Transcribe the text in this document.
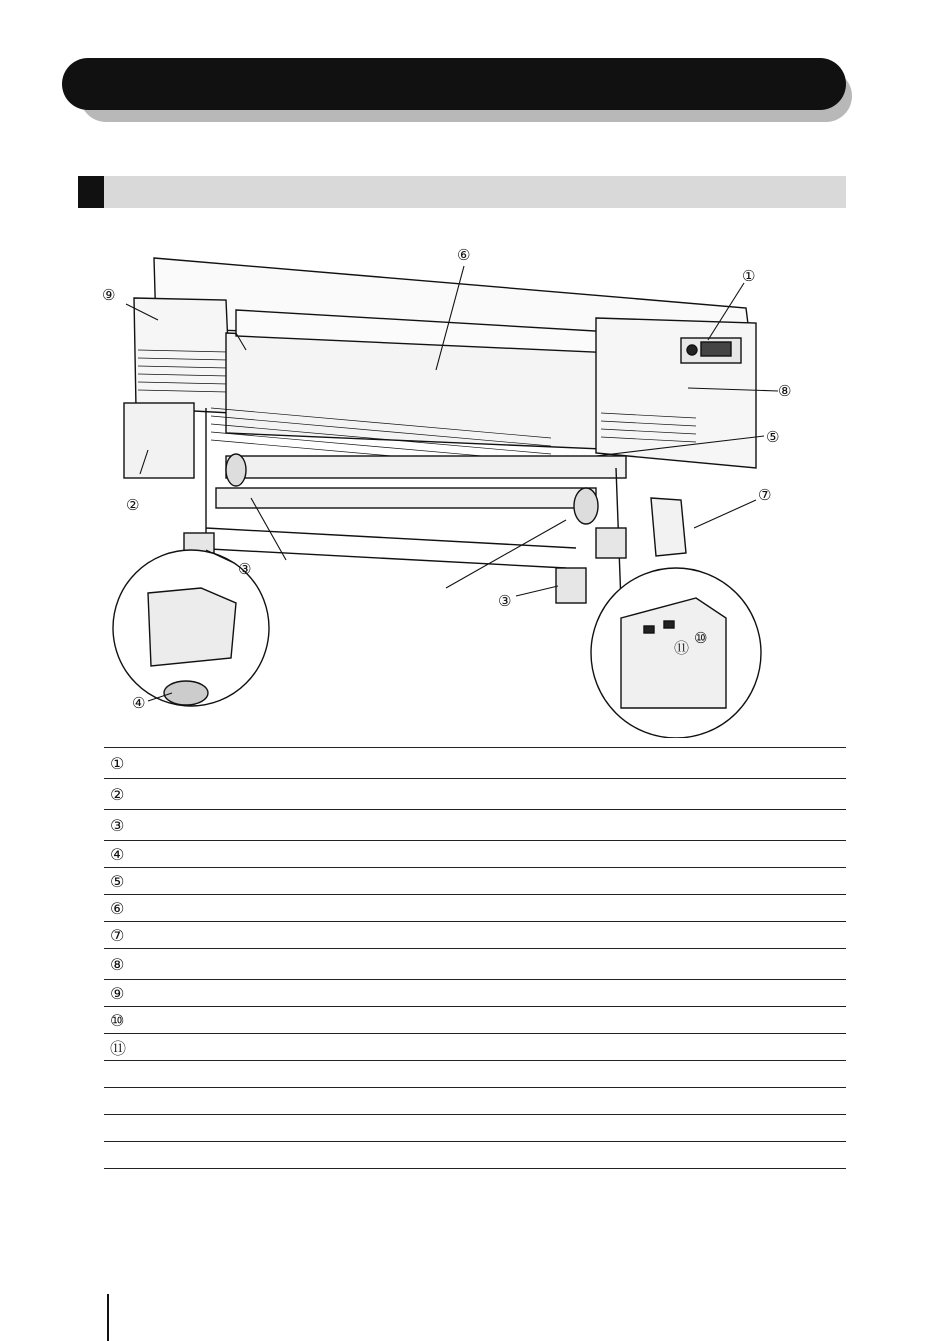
⑥
①
⑨
⑧
⑤
⑦
②
③
③
④
⑩
⑪
①
②
③
④
⑤
⑥
⑦
⑧
⑨
⑩
⑪
